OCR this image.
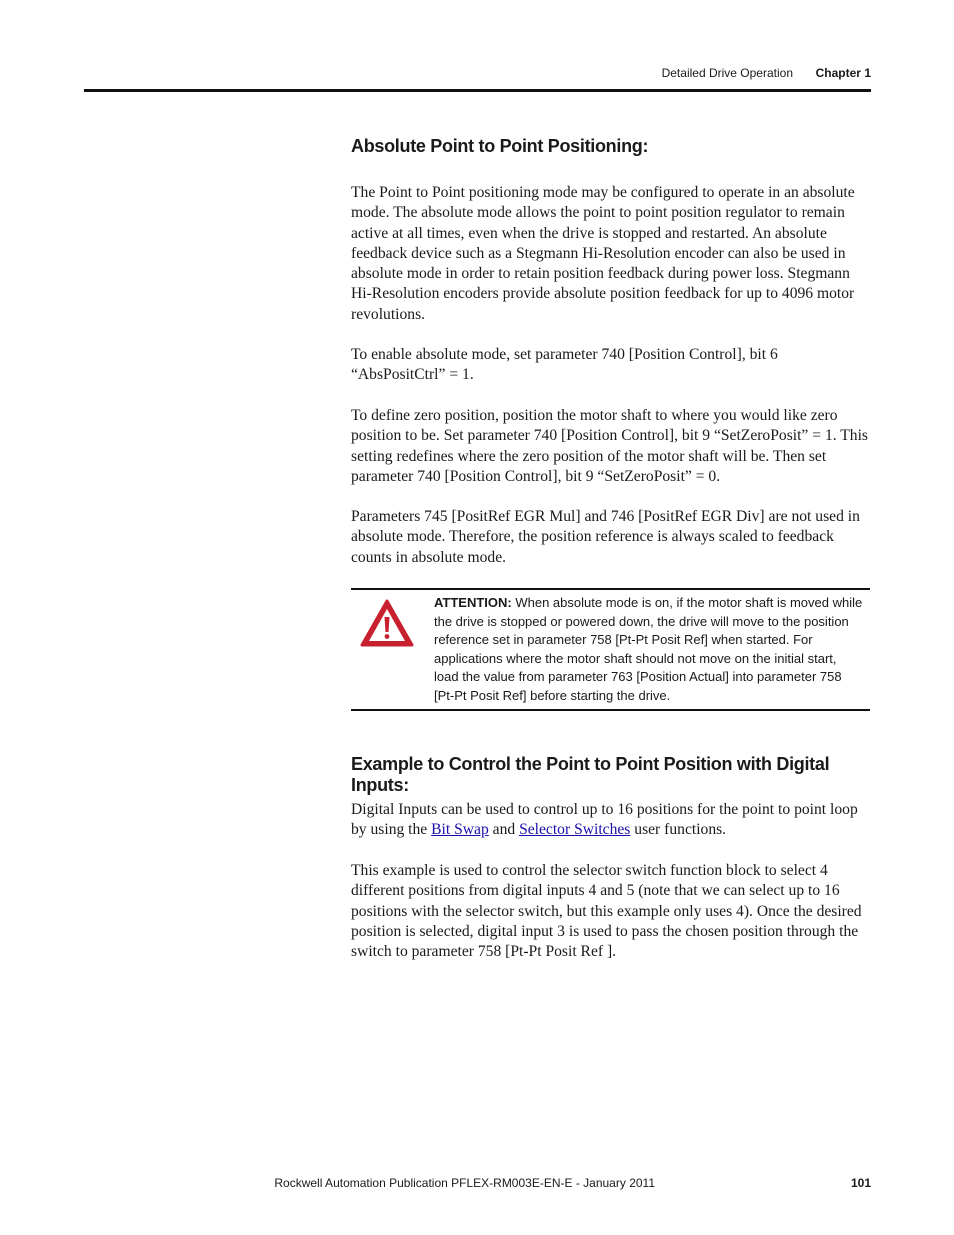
Detailed Drive Operation Chapter 1
Absolute Point to Point Positioning:

The Point to Point positioning mode may be configured to operate in an absolute mode. The absolute mode allows the point to point position regulator to remain active at all times, even when the drive is stopped and restarted. An absolute feedback device such as a Stegmann Hi-Resolution encoder can also be used in absolute mode in order to retain position feedback during power loss. Stegmann Hi-Resolution encoders provide absolute position feedback for up to 4096 motor revolutions.

To enable absolute mode, set parameter 740 [Position Control], bit 6 “AbsPositCtrl” = 1.

To define zero position, position the motor shaft to where you would like zero position to be. Set parameter 740 [Position Control], bit 9 “SetZeroPosit” = 1. This setting redefines where the zero position of the motor shaft will be. Then set parameter 740 [Position Control], bit 9 “SetZeroPosit” = 0.

Parameters 745 [PositRef EGR Mul] and 746 [PositRef EGR Div] are not used in absolute mode. Therefore, the position reference is always scaled to feedback counts in absolute mode.

ATTENTION: When absolute mode is on, if the motor shaft is moved while the drive is stopped or powered down, the drive will move to the position reference set in parameter 758 [Pt-Pt Posit Ref] when started. For applications where the motor shaft should not move on the initial start, load the value from parameter 763 [Position Actual] into parameter 758 [Pt-Pt Posit Ref] before starting the drive.
Example to Control the Point to Point Position with Digital Inputs:

Digital Inputs can be used to control up to 16 positions for the point to point loop by using the Bit Swap and Selector Switches user functions.

This example is used to control the selector switch function block to select 4 different positions from digital inputs 4 and 5 (note that we can select up to 16 positions with the selector switch, but this example only uses 4). Once the desired position is selected, digital input 3 is used to pass the chosen position through the switch to parameter 758 [Pt-Pt Posit Ref ].

Rockwell Automation Publication PFLEX-RM003E-EN-E - January 2011	101
